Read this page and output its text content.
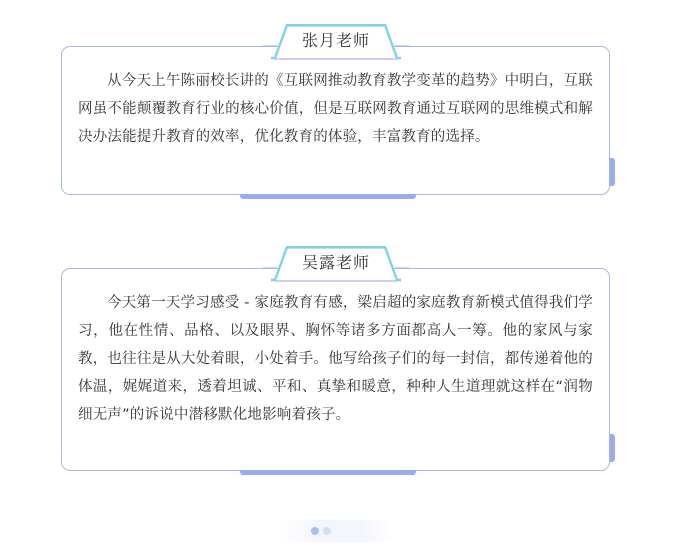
从今天上午陈丽校长讲的《互联网推动教育教学变革的趋势》中明白，互联网虽不能颠覆教育行业的核心价值，但是互联网教育通过互联网的思维模式和解决办法能提升教育的效率，优化教育的体验，丰富教育的选择。
张月老师
今天第一天学习感受 - 家庭教育有感，梁启超的家庭教育新模式值得我们学习，他在性情、品格、以及眼界、胸怀等诸多方面都高人一筹。他的家风与家教，也往往是从大处着眼，小处着手。他写给孩子们的每一封信，都传递着他的体温，娓娓道来，透着坦诚、平和、真挚和暖意，种种人生道理就这样在“润物细无声”的诉说中潜移默化地影响着孩子。
吴露老师
